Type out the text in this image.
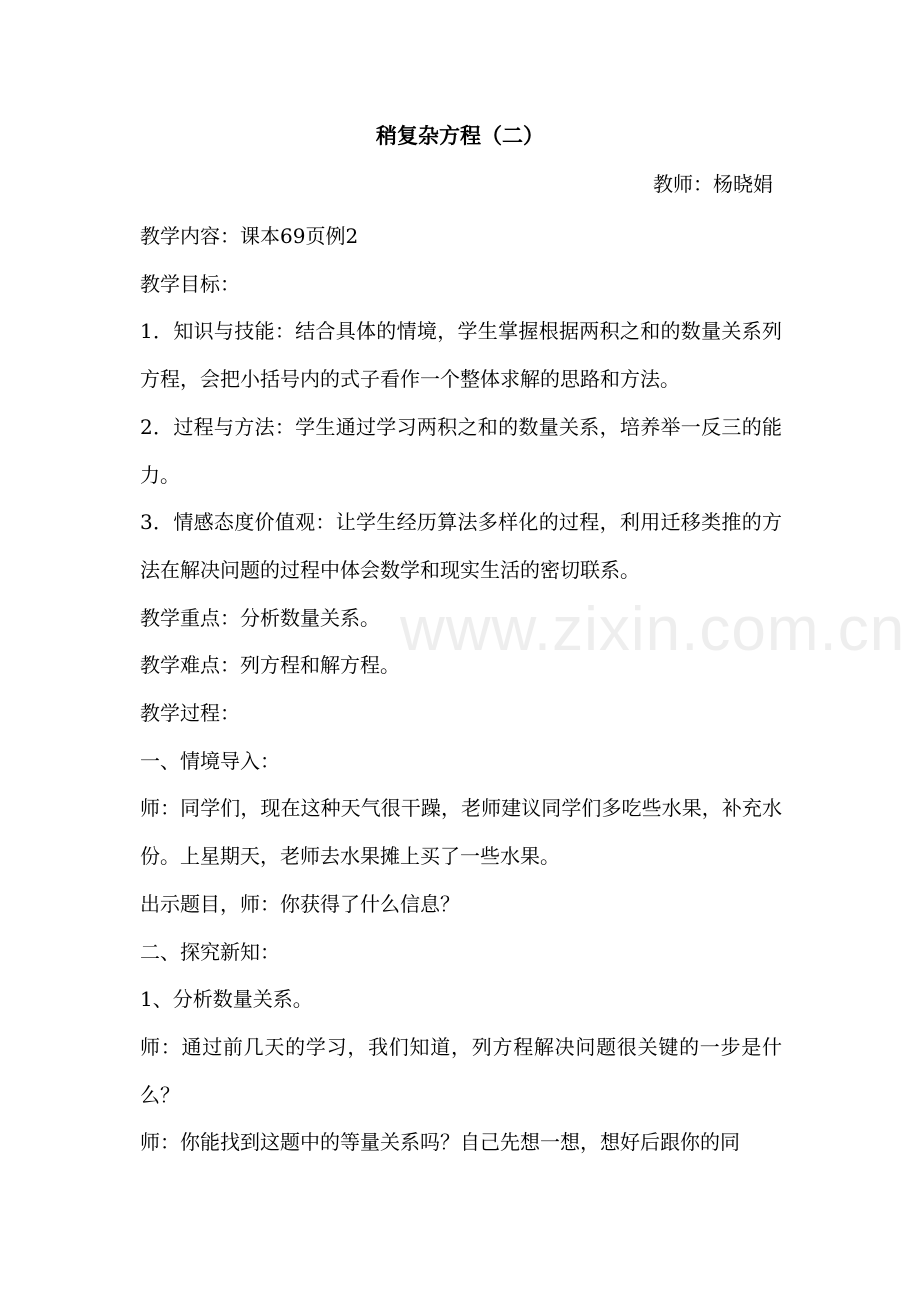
稍复杂方程（二）
教师：杨晓娟

教学内容：课本69页例2

教学目标：

1．知识与技能：结合具体的情境，学生掌握根据两积之和的数量关系列方程，会把小括号内的式子看作一个整体求解的思路和方法。

2．过程与方法：学生通过学习两积之和的数量关系，培养举一反三的能力。

3．情感态度价值观：让学生经历算法多样化的过程，利用迁移类推的方法在解决问题的过程中体会数学和现实生活的密切联系。

教学重点：分析数量关系。

教学难点：列方程和解方程。

教学过程：

一、情境导入：

师：同学们，现在这种天气很干躁，老师建议同学们多吃些水果，补充水份。上星期天，老师去水果摊上买了一些水果。

出示题目，师：你获得了什么信息？

二、探究新知：

1、分析数量关系。

师：通过前几天的学习，我们知道，列方程解决问题很关键的一步是什么？

师：你能找到这题中的等量关系吗？自己先想一想，想好后跟你的同

www.zixin.com.cn
